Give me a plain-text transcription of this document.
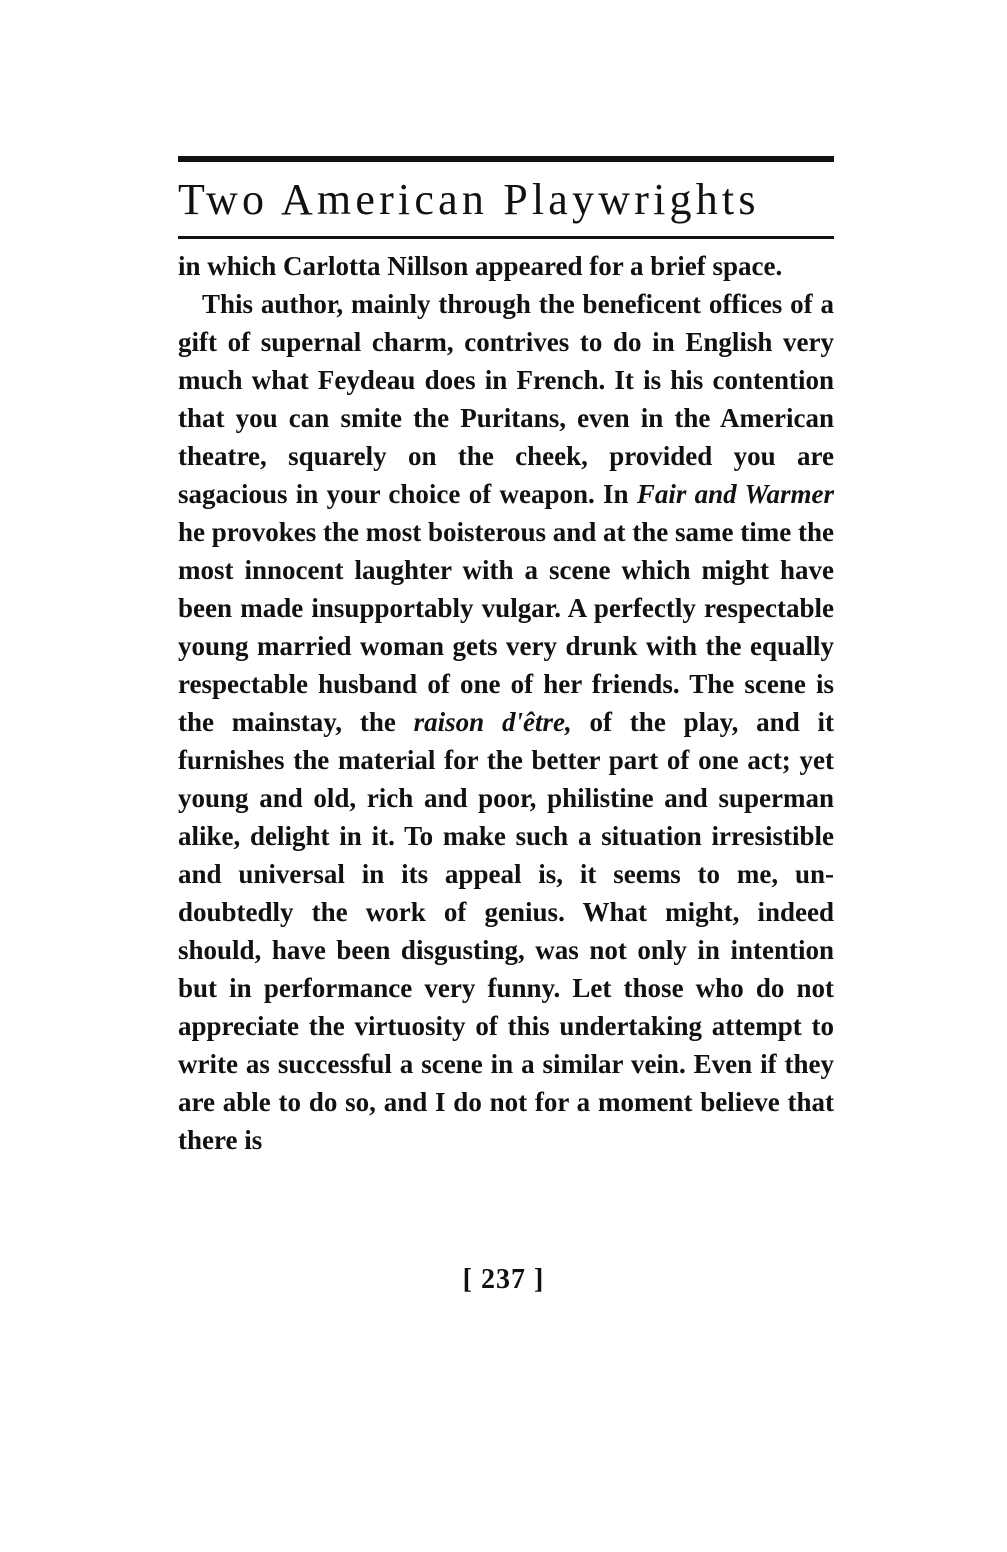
Two American Playwrights

in which Carlotta Nillson appeared for a brief space.

This author, mainly through the beneficent offices of a gift of supernal charm, contrives to do in English very much what Feydeau does in French. It is his contention that you can smite the Puritans, even in the American theatre, squarely on the cheek, provided you are sagacious in your choice of weapon. In Fair and Warmer he provokes the most boisterous and at the same time the most innocent laughter with a scene which might have been made insupportably vulgar. A perfectly respectable young married woman gets very drunk with the equally respectable husband of one of her friends. The scene is the mainstay, the raison d'être, of the play, and it furnishes the material for the better part of one act; yet young and old, rich and poor, philistine and superman alike, delight in it. To make such a situation irresistible and universal in its appeal is, it seems to me, undoubtedly the work of genius. What might, indeed should, have been disgusting, was not only in intention but in performance very funny. Let those who do not appreciate the virtuosity of this undertaking attempt to write as successful a scene in a similar vein. Even if they are able to do so, and I do not for a moment believe that there is

[ 237 ]
